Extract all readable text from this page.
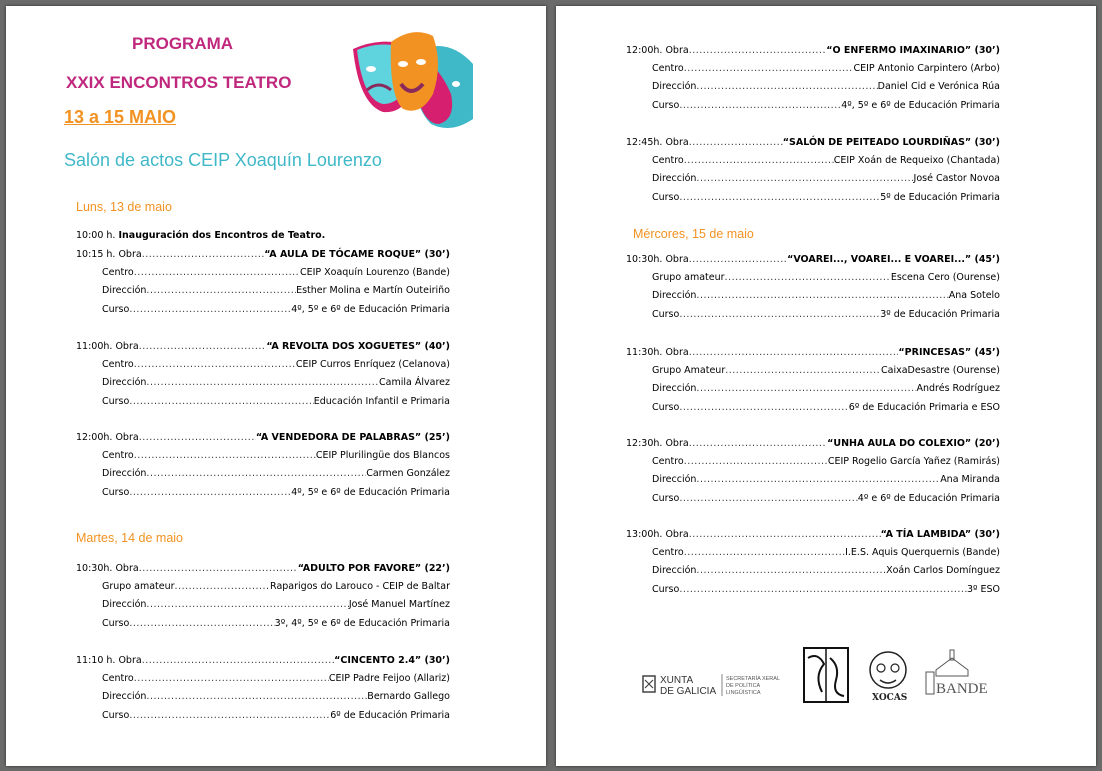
PROGRAMA
XXIX ENCONTROS TEATRO
13 a 15 MAIO
Salón de actos CEIP Xoaquín Lourenzo
Luns, 13 de maio
10:00 h. Inauguración dos Encontros de Teatro.
10:15 h. Obra .....	“A AULA DE TÓCAME ROQUE” (30’)
Centro .....	CEIP Xoaquín Lourenzo (Bande)
Dirección .....	Esther Molina e Martín Outeiriño
Curso .....	4º, 5º e 6º de Educación Primaria
11:00h. Obra .....	“A REVOLTA DOS XOGUETES” (40’)
Centro .....	CEIP Curros Enríquez (Celanova)
Dirección .....	Camila Álvarez
Curso .....	Educación Infantil e Primaria
12:00h. Obra .....	“A VENDEDORA DE PALABRAS” (25’)
Centro .....	CEIP Plurilingüe dos Blancos
Dirección .....	Carmen González
Curso .....	4º, 5º e 6º de Educación Primaria
Martes, 14 de maio
10:30h. Obra .....	“ADULTO POR FAVORE” (22’)
Grupo amateur .....	Raparigos do Larouco - CEIP de Baltar
Dirección .....	José Manuel Martínez
Curso .....	3º, 4º, 5º e 6º de Educación Primaria
11:10 h. Obra .....	“CINCENTO 2.4” (30’)
Centro .....	CEIP Padre Feijoo (Allariz)
Dirección .....	Bernardo Gallego
Curso .....	6º de Educación Primaria
12:00h. Obra .....	“O ENFERMO IMAXINARIO” (30’)
Centro .....	CEIP Antonio Carpintero (Arbo)
Dirección .....	Daniel Cid e Verónica Rúa
Curso .....	4º, 5º e 6º de Educación Primaria
12:45h. Obra .....	“SALÓN DE PEITEADO LOURDIÑAS” (30’)
Centro .....	CEIP Xoán de Requeixo (Chantada)
Dirección .....	José Castor Novoa
Curso .....	5º de Educación Primaria
Mércores, 15 de maio
10:30h. Obra .....	“VOAREI..., VOAREI... E VOAREI...” (45’)
Grupo amateur .....	Escena Cero (Ourense)
Dirección .....	Ana Sotelo
Curso .....	3º de Educación Primaria
11:30h. Obra .....	“PRINCESAS” (45’)
Grupo Amateur .....	CaixaDesastre (Ourense)
Dirección .....	Andrés Rodríguez
Curso .....	6º de Educación Primaria e ESO
12:30h. Obra .....	“UNHA AULA DO COLEXIO” (20’)
Centro .....	CEIP Rogelio García Yañez (Ramirás)
Dirección .....	Ana Miranda
Curso .....	4º e 6º de Educación Primaria
13:00h. Obra .....	“A TÍA LAMBIDA” (30’)
Centro .....	I.E.S. Aquis Querquernis (Bande)
Dirección .....	Xoán Carlos Domínguez
Curso .....	3º ESO
XUNTA
DE GALICIA
SECRETARÍA XERAL
DE POLÍTICA
LINGÜÍSTICA	XOCAS
BANDE
